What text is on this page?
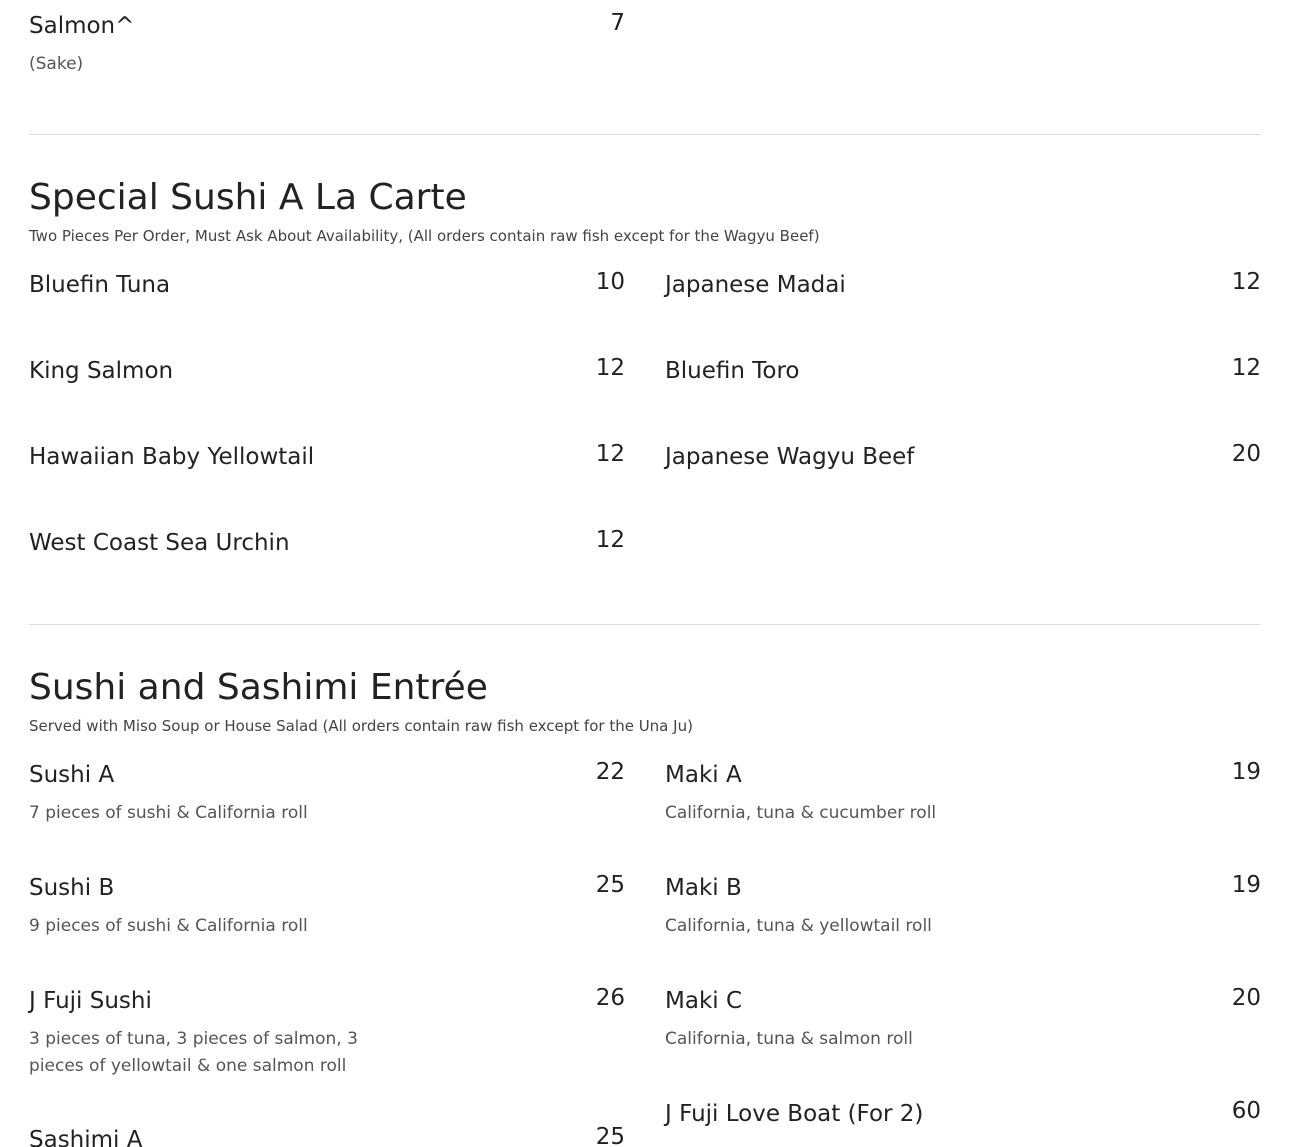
Salmon^	7
(Sake)
Special Sushi A La Carte
Two Pieces Per Order, Must Ask About Availability, (All orders contain raw fish except for the Wagyu Beef)
Bluefin Tuna	10
King Salmon	12
Hawaiian Baby Yellowtail	12
West Coast Sea Urchin	12
Japanese Madai	12
Bluefin Toro	12
Japanese Wagyu Beef	20
Sushi and Sashimi Entrée
Served with Miso Soup or House Salad (All orders contain raw fish except for the Una Ju)
Sushi A	22
7 pieces of sushi & California roll
Sushi B	25
9 pieces of sushi & California roll
J Fuji Sushi	26
3 pieces of tuna, 3 pieces of salmon, 3 pieces of yellowtail & one salmon roll
Sashimi A	25
Maki A	19
California, tuna & cucumber roll
Maki B	19
California, tuna & yellowtail roll
Maki C	20
California, tuna & salmon roll
J Fuji Love Boat (For 2)	60
